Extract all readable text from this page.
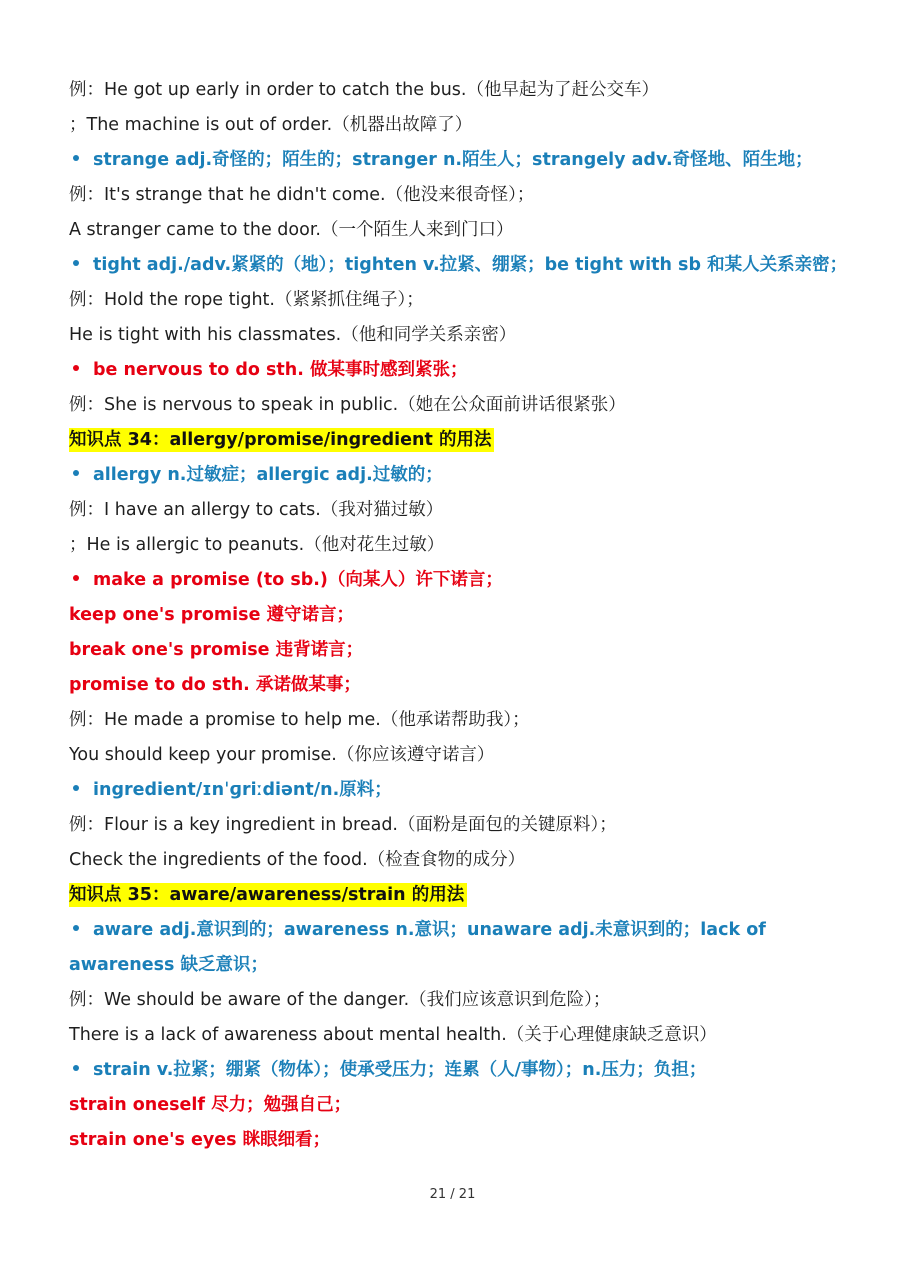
例：He got up early in order to catch the bus.（他早起为了赶公交车）
；The machine is out of order.（机器出故障了）
strange adj.奇怪的；陌生的；stranger n.陌生人；strangely adv.奇怪地、陌生地；
例：It's strange that he didn't come.（他没来很奇怪）；
A stranger came to the door.（一个陌生人来到门口）
tight adj./adv.紧紧的（地）；tighten v.拉紧、绷紧；be tight with sb 和某人关系亲密；
例：Hold the rope tight.（紧紧抓住绳子）；
He is tight with his classmates.（他和同学关系亲密）
be nervous to do sth. 做某事时感到紧张；
例：She is nervous to speak in public.（她在公众面前讲话很紧张）
知识点 34：allergy/promise/ingredient 的用法
allergy n.过敏症；allergic adj.过敏的；
例：I have an allergy to cats.（我对猫过敏）
；He is allergic to peanuts.（他对花生过敏）
make a promise (to sb.)（向某人）许下诺言；
keep one's promise 遵守诺言；
break one's promise 违背诺言；
promise to do sth. 承诺做某事；
例：He made a promise to help me.（他承诺帮助我）；
You should keep your promise.（你应该遵守诺言）
ingredient/ɪnˈɡriːdiənt/n.原料；
例：Flour is a key ingredient in bread.（面粉是面包的关键原料）；
Check the ingredients of the food.（检查食物的成分）
知识点 35：aware/awareness/strain 的用法
aware adj.意识到的；awareness n.意识；unaware adj.未意识到的；lack of awareness 缺乏意识；
例：We should be aware of the danger.（我们应该意识到危险）；
There is a lack of awareness about mental health.（关于心理健康缺乏意识）
strain v.拉紧；绷紧（物体）；使承受压力；连累（人/事物）；n.压力；负担；
strain oneself 尽力；勉强自己；
strain one's eyes 眯眼细看；
21 / 21
